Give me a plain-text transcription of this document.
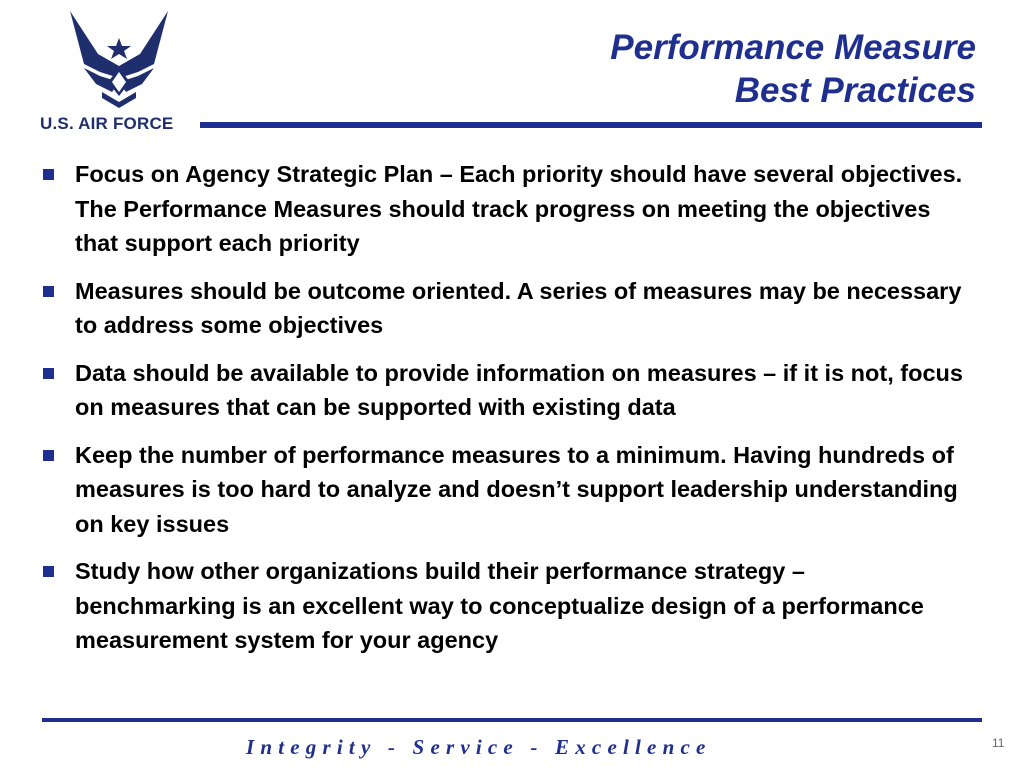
U.S. AIR FORCE
Performance Measure
Best Practices
Focus on Agency Strategic Plan – Each priority should have several objectives. The Performance Measures should track progress on meeting the objectives that support each priority
Measures should be outcome oriented. A series of measures may be necessary to address some objectives
Data should be available to provide information on measures – if it is not, focus on measures that can be supported with existing data
Keep the number of performance measures to a minimum. Having hundreds of measures is too hard to analyze and doesn’t support leadership understanding on key issues
Study how other organizations build their performance strategy – benchmarking is an excellent way to conceptualize design of a performance measurement system for your agency
Integrity - Service - Excellence	11
